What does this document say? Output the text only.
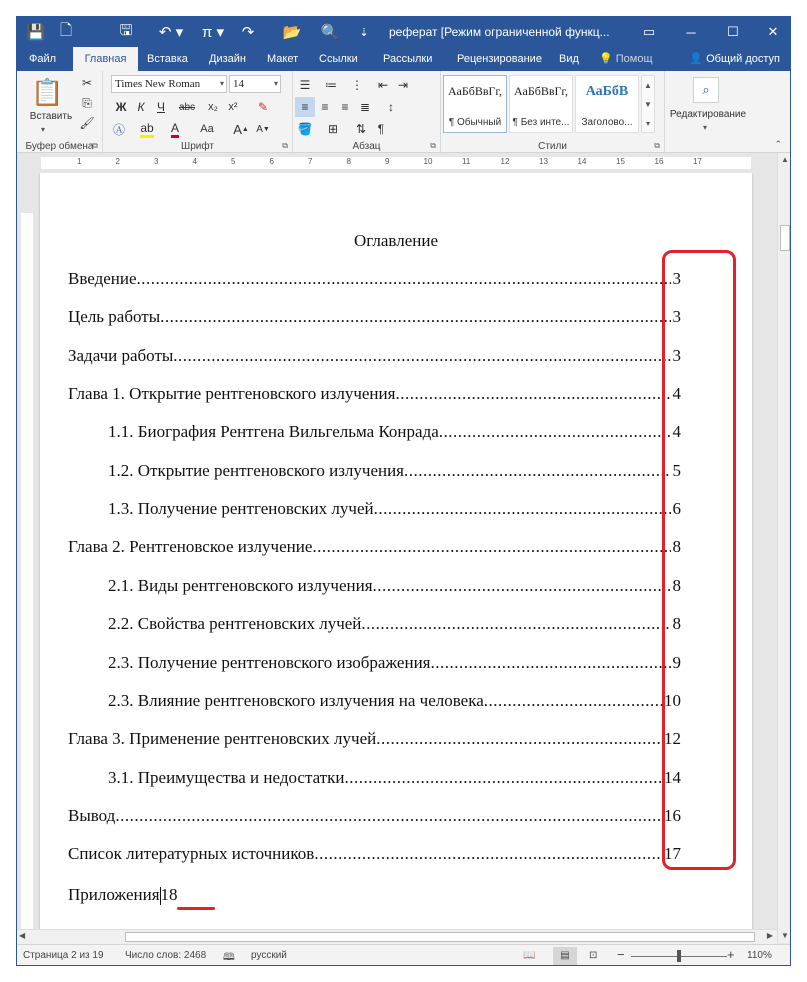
💾 🗋	🖫	↶ ▾	π ▾	↷	📂 🔍	⇣	реферат [Режим ограниченной функц...	▭	─	☐	✕
Файл	Главная	Вставка	Дизайн	Макет	Ссылки	Рассылки	Рецензирование	Вид	💡 Помощ	👤 Общий доступ
📋
Вставить
▾
✂
⎘
🖌
Буфер обмена
⧉
Times New Roman ▾ 14	▾
Ж К	Ч	abc	x₂ x²	✎
Ⓐ	ab A	Аа	A ▲ A ▼
Шрифт	⧉
☰	≔	⋮	⇤ ⇥
≡	≡	≡ ≣	↕
🪣	⊞	⇅ ¶
Абзац	⧉
АаБбВвГг,
¶ Обычный
АаБбВвГг,
¶ Без инте...
АаБбВ
Заголово...
▲
▼
▾
Стили	⧉
⌕
Редактирование
▾
⌃
1	2	3	4	5	6	7	8	9	10	11	12	13	14	15	16	17
Оглавление
Введение .....	3
Цель работы .....	3
Задачи работы .....	3
Глава 1. Открытие рентгеновского излучения .....	4
1.1. Биография Рентгена Вильгельма Конрада .....	4
1.2. Открытие рентгеновского излучения .....	5
1.3. Получение рентгеновских лучей .....	6
Глава 2. Рентгеновское излучение .....	8
2.1. Виды рентгеновского излучения .....	8
2.2. Свойства рентгеновских лучей .....	8
2.3. Получение рентгеновского изображения .....	9
2.3. Влияние рентгеновского излучения на человека .....	10
Глава 3. Применение рентгеновских лучей .....	12
3.1. Преимущества и недостатки .....	14
Вывод .....	16
Список литературных источников .....	17
Приложения 18
▲
▼
◀	▶
Страница 2 из 19 Число слов: 2468 🕮 русский	📖	▤	⊡ −	+ 110%
